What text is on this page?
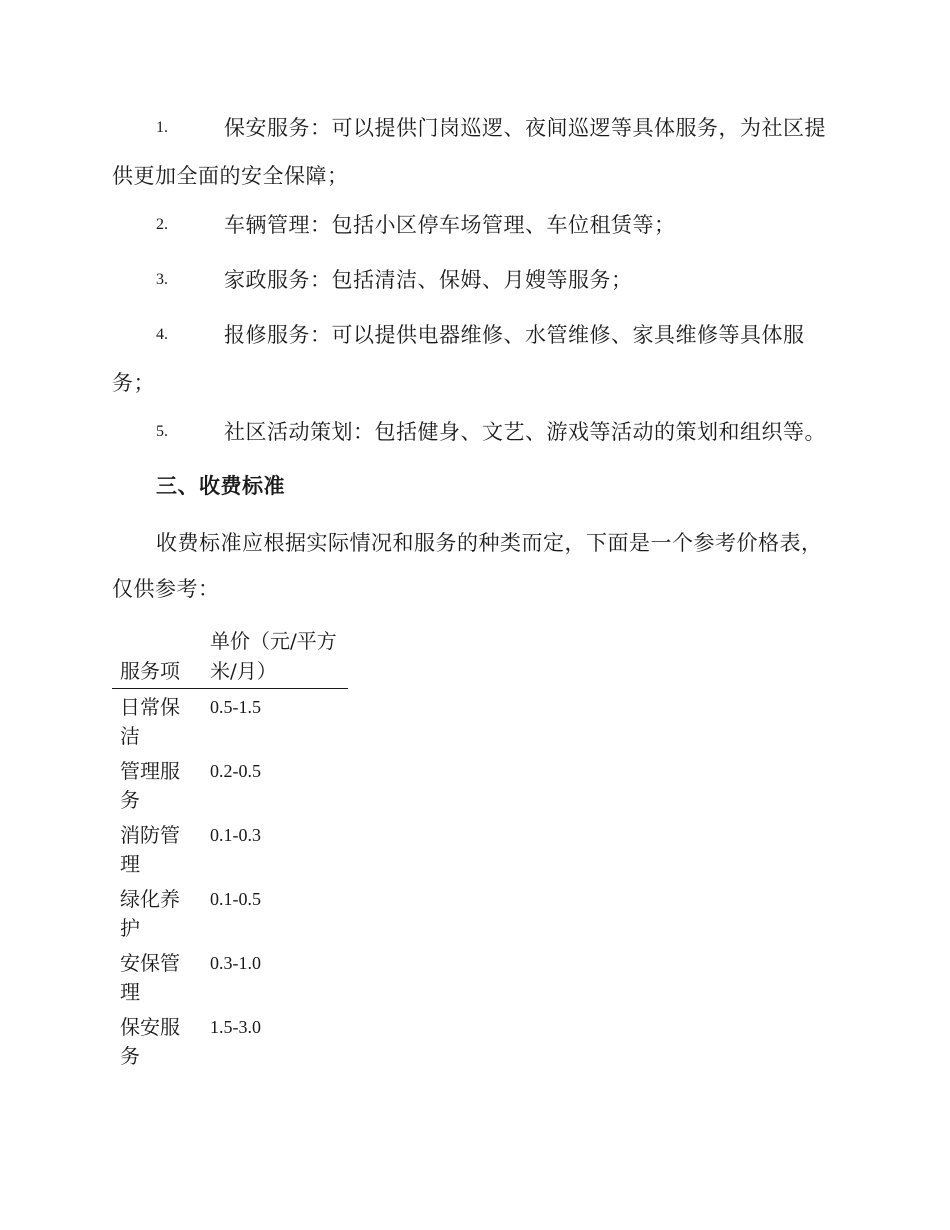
1.	保安服务：可以提供门岗巡逻、夜间巡逻等具体服务，为社区提供更加全面的安全保障；
2.	车辆管理：包括小区停车场管理、车位租赁等；
3.	家政服务：包括清洁、保姆、月嫂等服务；
4.	报修服务：可以提供电器维修、水管维修、家具维修等具体服务；
5.	社区活动策划：包括健身、文艺、游戏等活动的策划和组织等。
三、收费标准
收费标准应根据实际情况和服务的种类而定，下面是一个参考价格表，仅供参考：
服务项	单价（元/平方米/月）
日常保洁	0.5-1.5
管理服务	0.2-0.5
消防管理	0.1-0.3
绿化养护	0.1-0.5
安保管理	0.3-1.0
保安服务	1.5-3.0
